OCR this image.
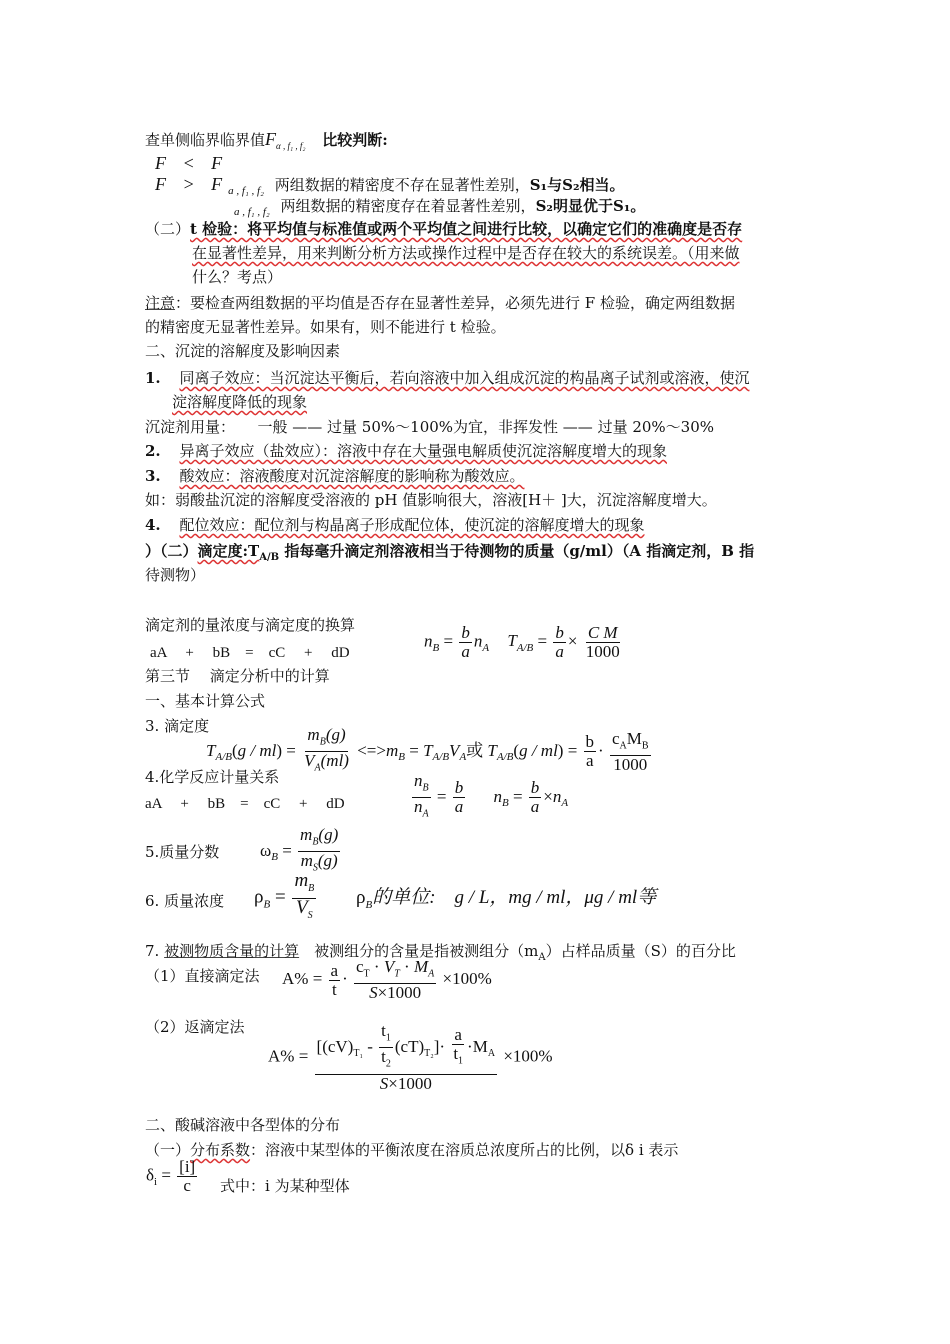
查单侧临界临界值$F_{\alpha , f_1 , f_2}$ 比较判断:
F < F
$F > F_{a , f_1 , f_2}$ 两组数据的精密度不存在显著性差别，S₁与S₂相当。
$_{a , f_1 , f_2}$ 两组数据的精密度存在着显著性差别，S₂明显优于S₁。
（二）t 检验：将平均值与标准值或两个平均值之间进行比较，以确定它们的准确度是否存
在显著性差异，用来判断分析方法或操作过程中是否存在较大的系统误差。（用来做
什么？考点）
注意：要检查两组数据的平均值是否存在显著性差异，必须先进行 F 检验，确定两组数据
的精密度无显著性差异。如果有，则不能进行 t 检验。
二、沉淀的溶解度及影响因素
1. 同离子效应：当沉淀达平衡后，若向溶液中加入组成沉淀的构晶离子试剂或溶液，使沉
淀溶解度降低的现象
沉淀剂用量：　　一般 —— 过量 50%～100%为宜，非挥发性 —— 过量 20%～30%
2. 异离子效应（盐效应）：溶液中存在大量强电解质使沉淀溶解度增大的现象
3. 酸效应：溶液酸度对沉淀溶解度的影响称为酸效应。
如：弱酸盐沉淀的溶解度受溶液的 pH 值影响很大，溶液[H＋ ]大，沉淀溶解度增大。
4. 配位效应：配位剂与构晶离子形成配位体，使沉淀的溶解度增大的现象
）（二）滴定度$:T_{A/B}$ 指每毫升滴定剂溶液相当于待测物的质量（g/ml）（A 指滴定剂，B 指
待测物）
滴定剂的量浓度与滴定度的换算
aA　 +　 bB　=　cC　 +　 dD
$n_B = \frac{b}{a} n_A$ $T_{A/B} = \frac{b}{a} \times \frac{\text{C M}}{1000}$
第三节　 滴定分析中的计算
一、基本计算公式
3. 滴定度
$T_{A/B}(g / ml) = \frac{m_B(g)}{V_A(ml)} <=>m_B = T_{A/B}V_A$或 $T_{A/B}(g / ml) = \frac{b}{a} \cdot \frac{c_AM_B}{1000}$
4.化学反应计量关系
aA　 +　 bB　=　cC　 +　 dD	$\frac{n_B}{n_A} = \frac{b}{a} n_B = \frac{b}{a} \times n_A$
5.质量分数 $\omega_B = \frac{m_B(g)}{m_S(g)}$
6. 质量浓度 $\rho_B = \frac{m_B}{V_S} \rho_B$的单位:　g / L，mg / ml，μg / ml等
7. 被测物质含量的计算　被测组分的含量是指被测组分$(m_A)$占样品质量（S）的百分比
（1）直接滴定法 $A\% = \frac{a}{t} \cdot \frac{c_T \cdot V_T \cdot M_A}{S\times 1000} \times 100\%$
（2）返滴定法
$A\% = \frac{[(cV)_{T_1} - \frac{t_1}{t_2} (cT)_{T_2}]\cdot \frac{a}{t_1} \cdot M_A}{S\times 1000} \times 100\%$
二、酸碱溶液中各型体的分布
（一）分布系数：溶液中某型体的平衡浓度在溶质总浓度所占的比例，以δ i 表示
$\delta_i = \frac{[i]}{c}$ 式中：i 为某种型体
